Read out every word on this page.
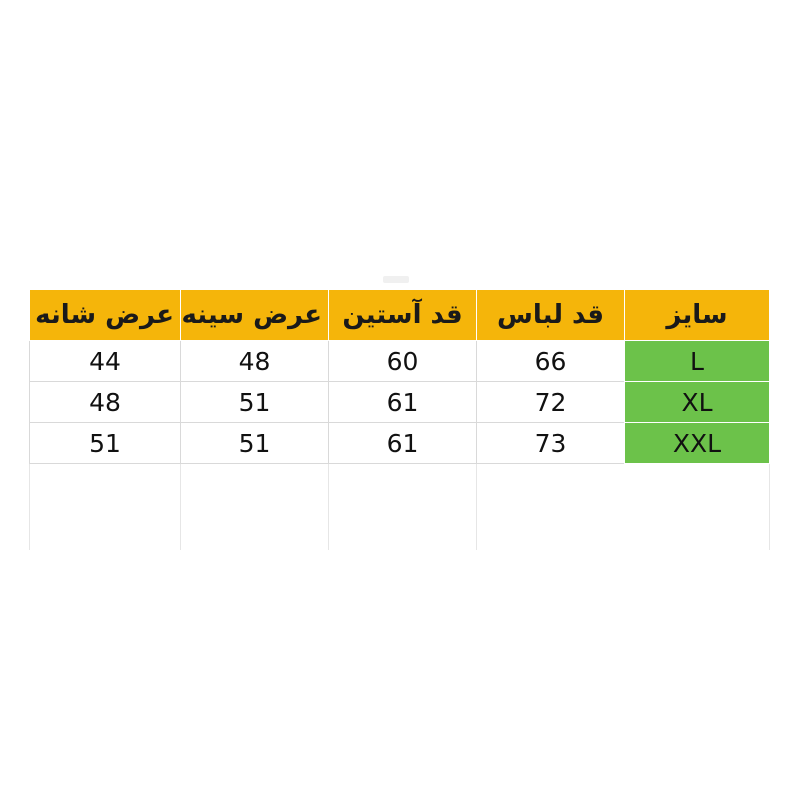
سایز	قد لباس	قد آستین	عرض سینه	عرض شانه
L	66	60	48	44
XL	72	61	51	48
XXL	73	61	51	51
